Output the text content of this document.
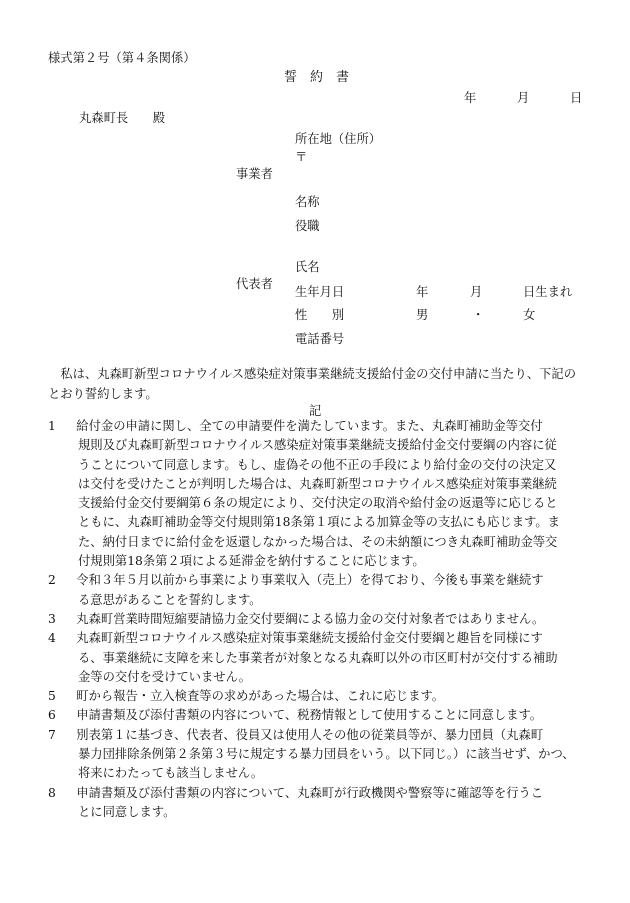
様式第２号（第４条関係）
誓　約　書
年	月	日
丸森町長　　殿
事業者
所在地（住所）
〒
名称
役職
代表者
氏名
生年月日	年	月	日生まれ
性　　別	男	・	女
電話番号
　私は、丸森町新型コロナウイルス感染症対策事業継続支援給付金の交付申請に当たり、下記のとおり誓約します。
記
1 　給付金の申請に関し、全ての申請要件を満たしています。また、丸森町補助金等交付
規則及び丸森町新型コロナウイルス感染症対策事業継続支援給付金交付要綱の内容に従
うことについて同意します。もし、虚偽その他不正の手段により給付金の交付の決定又
は交付を受けたことが判明した場合は、丸森町新型コロナウイルス感染症対策事業継続
支援給付金交付要綱第６条の規定により、交付決定の取消や給付金の返還等に応じると
ともに、丸森町補助金等交付規則第18条第１項による加算金等の支払にも応じます。ま
た、納付日までに給付金を返還しなかった場合は、その未納額につき丸森町補助金等交
付規則第18条第２項による延滞金を納付することに応じます。
2 　令和３年５月以前から事業により事業収入（売上）を得ており、今後も事業を継続す
る意思があることを誓約します。
3 　丸森町営業時間短縮要請協力金交付要綱による協力金の交付対象者ではありません。
4 　丸森町新型コロナウイルス感染症対策事業継続支援給付金交付要綱と趣旨を同様にす
る、事業継続に支障を来した事業者が対象となる丸森町以外の市区町村が交付する補助
金等の交付を受けていません。
5 　町から報告・立入検査等の求めがあった場合は、これに応じます。
6 　申請書類及び添付書類の内容について、税務情報として使用することに同意します。
7 　別表第１に基づき、代表者、役員又は使用人その他の従業員等が、暴力団員（丸森町
暴力団排除条例第２条第３号に規定する暴力団員をいう。以下同じ。）に該当せず、かつ、
将来にわたっても該当しません。
8 　申請書類及び添付書類の内容について、丸森町が行政機関や警察等に確認等を行うこ
とに同意します。
